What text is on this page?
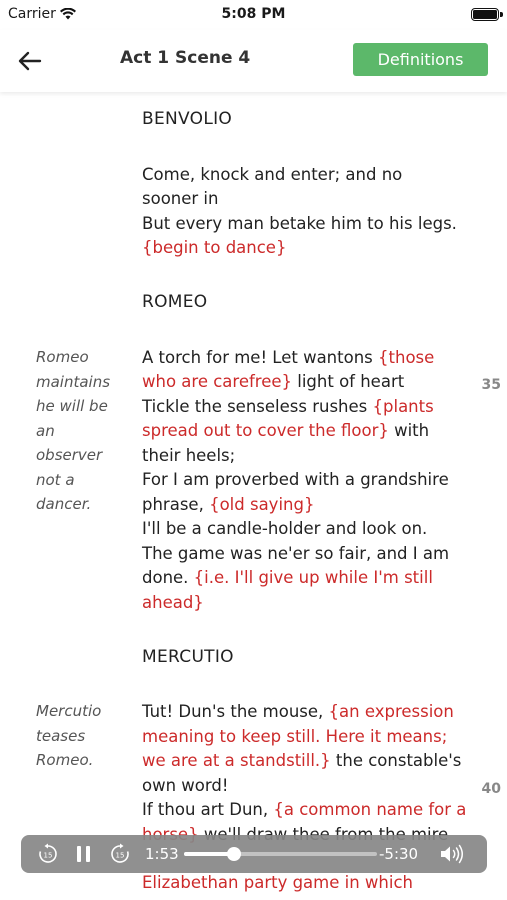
Carrier	5:08 PM
Act 1 Scene 4	Definitions
BENVOLIO
Come, knock and enter; and no
sooner in
But every man betake him to his legs.
{begin to dance}
ROMEO
Romeo
maintains
he will be
an
observer
not a
dancer.
A torch for me! Let wantons {those
who are carefree} light of heart	35
Tickle the senseless rushes {plants
spread out to cover the floor} with
their heels;
For I am proverbed with a grandshire
phrase, {old saying}
I'll be a candle-holder and look on.
The game was ne'er so fair, and I am
done. {i.e. I'll give up while I'm still
ahead}
MERCUTIO
Mercutio
teases
Romeo.
Tut! Dun's the mouse, {an expression
meaning to keep still. Here it means;
we are at a standstill.} the constable's
own word!	40
If thou art Dun, {a common name for a
Elizabethan party game in which
15	15 1:53	-5:30
